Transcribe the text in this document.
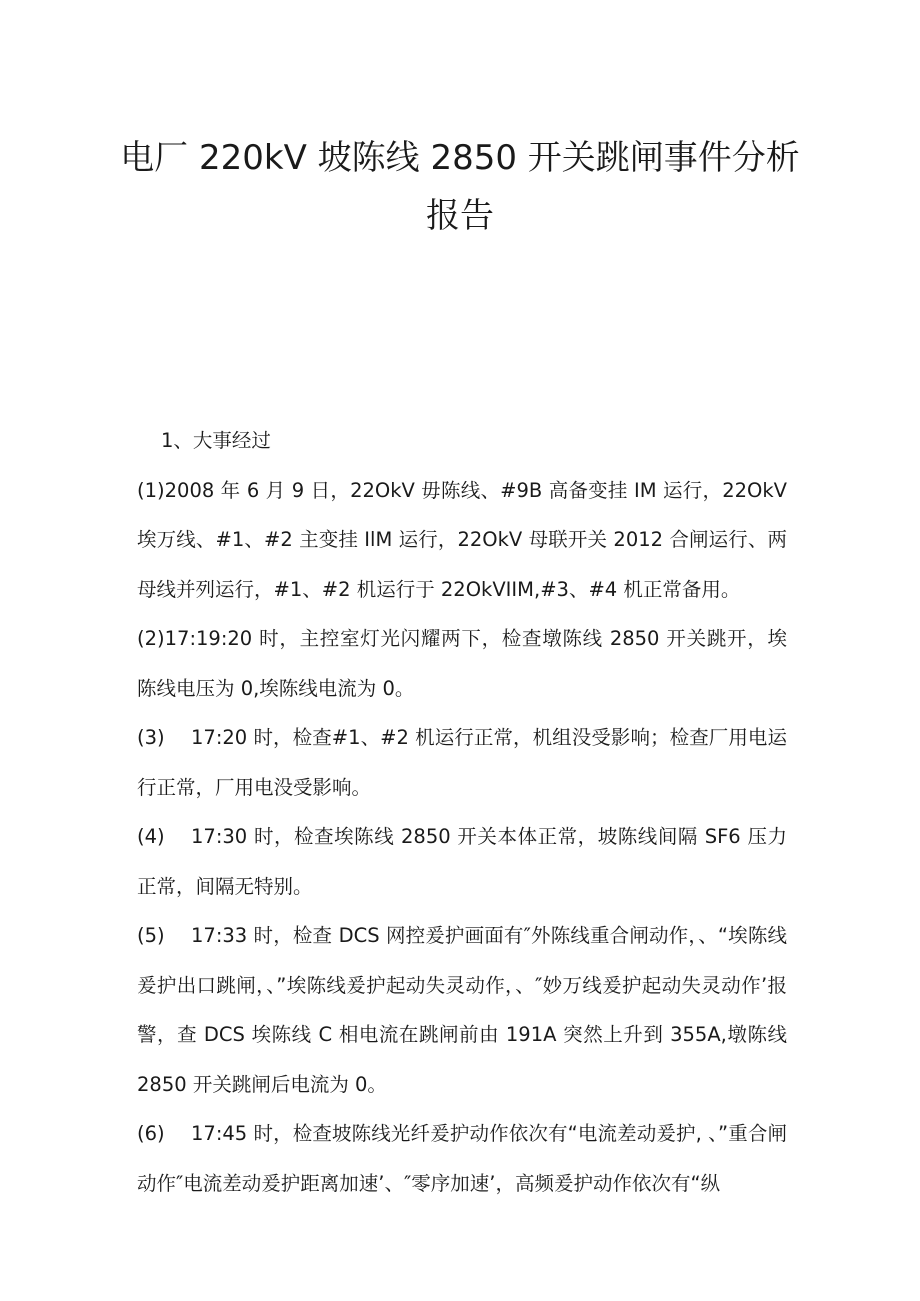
电厂 220kV 坡陈线 2850 开关跳闸事件分析
报告

1、大事经过

(1)2008 年 6 月 9 日，22OkV 毋陈线、#9B 高备变挂 IM 运行，22OkV 埃万线、#1、#2 主变挂 IlM 运行，22OkV 母联开关 2012 合闸运行、两母线并列运行，#1、#2 机运行于 22OkVIIM,#3、#4 机正常备用。

(2)17:19:20 时，主控室灯光闪耀两下，检查墩陈线 2850 开关跳开，埃陈线电压为 0,埃陈线电流为 0。

(3) 17:20 时，检查#1、#2 机运行正常，机组没受影响；检查厂用电运行正常，厂用电没受影响。

(4) 17:30 时，检查埃陈线 2850 开关本体正常，坡陈线间隔 SF6 压力正常，间隔无特别。

(5) 17:33 时，检查 DCS 网控爰护画面有″外陈线重合闸动作，、“埃陈线爰护出口跳闸，、”埃陈线爰护起动失灵动作，、″妙万线爰护起动失灵动作’报警，查 DCS 埃陈线 C 相电流在跳闸前由 191A 突然上升到 355A,墩陈线 2850 开关跳闸后电流为 0。

(6) 17:45 时，检查坡陈线光纤爰护动作依次有“电流差动爰护, 、”重合闸动作″电流差动爰护距离加速’、″零序加速’，高频爰护动作依次有“纵
